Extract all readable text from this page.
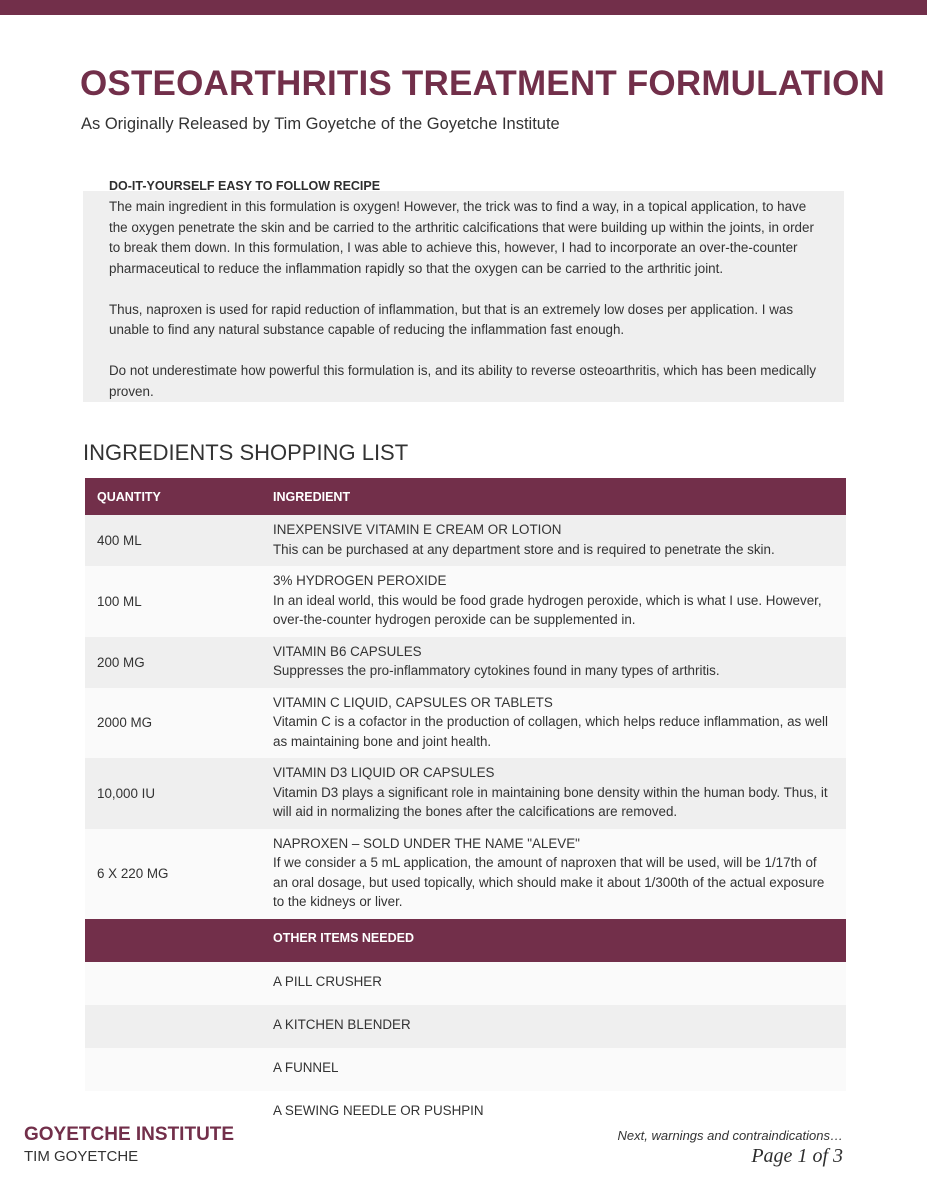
OSTEOARTHRITIS TREATMENT FORMULATION
As Originally Released by Tim Goyetche of the Goyetche Institute

The main ingredient in this formulation is oxygen! However, the trick was to find a way, in a topical application, to have the oxygen penetrate the skin and be carried to the arthritic calcifications that were building up within the joints, in order to break them down. In this formulation, I was able to achieve this, however, I had to incorporate an over-the-counter pharmaceutical to reduce the inflammation rapidly so that the oxygen can be carried to the arthritic joint.

Thus, naproxen is used for rapid reduction of inflammation, but that is an extremely low doses per application. I was unable to find any natural substance capable of reducing the inflammation fast enough.

Do not underestimate how powerful this formulation is, and its ability to reverse osteoarthritis, which has been medically proven.

DO-IT-YOURSELF EASY TO FOLLOW RECIPE
INGREDIENTS SHOPPING LIST
QUANTITY	INGREDIENT
400 ML	INEXPENSIVE VITAMIN E CREAM OR LOTION
This can be purchased at any department store and is required to penetrate the skin.

100 ML	3% HYDROGEN PEROXIDE
In an ideal world, this would be food grade hydrogen peroxide, which is what I use. However, over-the-counter hydrogen peroxide can be supplemented in.

200 MG	VITAMIN B6 CAPSULES
Suppresses the pro-inflammatory cytokines found in many types of arthritis.

2000 MG	VITAMIN C LIQUID, CAPSULES OR TABLETS
Vitamin C is a cofactor in the production of collagen, which helps reduce inflammation, as well as maintaining bone and joint health.

10,000 IU	VITAMIN D3 LIQUID OR CAPSULES
Vitamin D3 plays a significant role in maintaining bone density within the human body. Thus, it will aid in normalizing the bones after the calcifications are removed.

6 X 220 MG	NAPROXEN – SOLD UNDER THE NAME "ALEVE"
If we consider a 5 mL application, the amount of naproxen that will be used, will be 1/17th of an oral dosage, but used topically, which should make it about 1/300th of the actual exposure to the kidneys or liver.

	OTHER ITEMS NEEDED
	A PILL CRUSHER
	A KITCHEN BLENDER
	A FUNNEL
	A SEWING NEEDLE OR PUSHPIN
GOYETCHE INSTITUTE
TIM GOYETCHE
Next, warnings and contraindications…
Page 1 of 3
